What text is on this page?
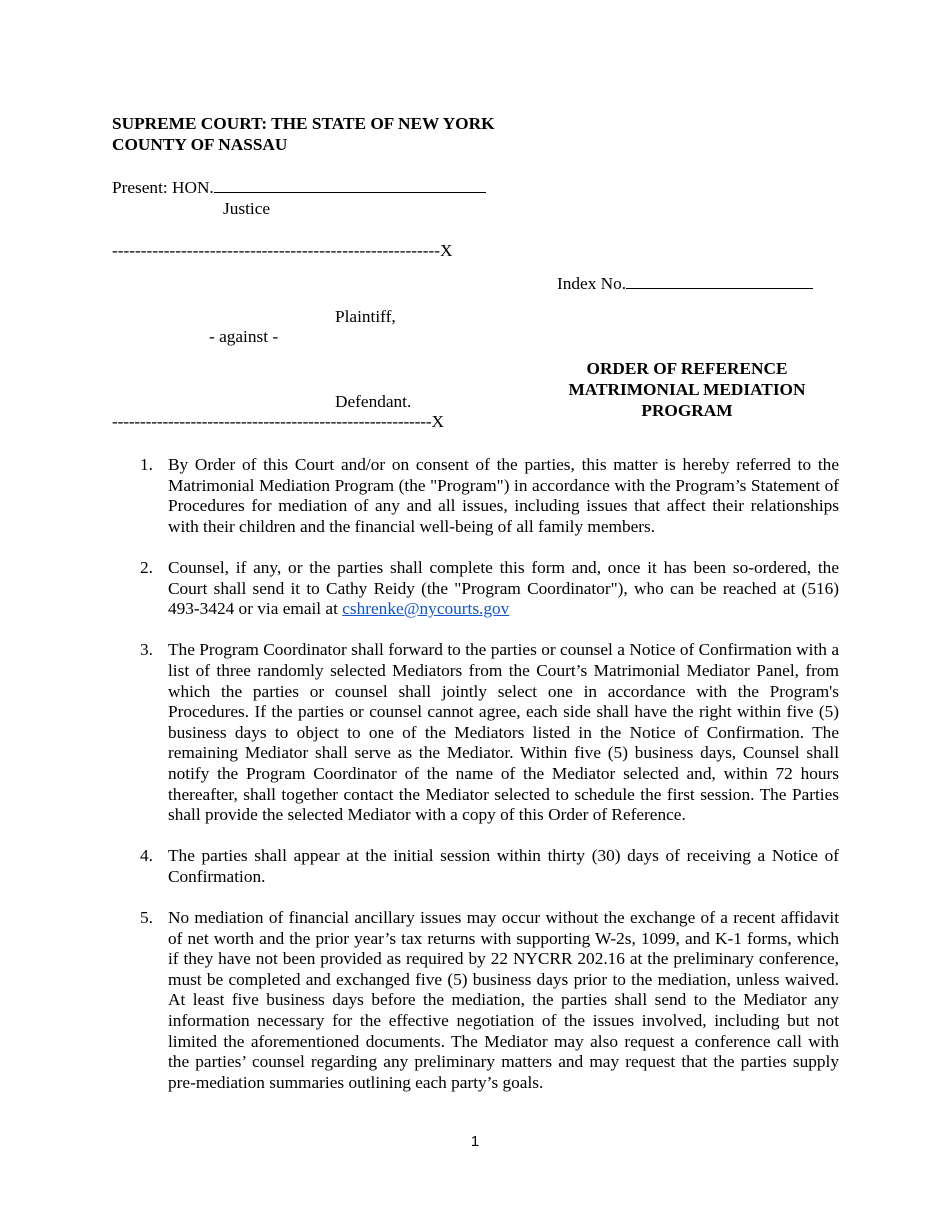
SUPREME COURT: THE STATE OF NEW YORK
COUNTY OF NASSAU
Present: HON.
Justice
---------------------------------------------------------X
Index No.
Plaintiff,
- against -
Defendant.
---------------------------------------------------------X
ORDER OF REFERENCE
MATRIMONIAL MEDIATION
PROGRAM
1. By Order of this Court and/or on consent of the parties, this matter is hereby referred to the Matrimonial Mediation Program (the "Program") in accordance with the Program’s Statement of Procedures for mediation of any and all issues, including issues that affect their relationships with their children and the financial well-being of all family members.
2. Counsel, if any, or the parties shall complete this form and, once it has been so-ordered, the Court shall send it to Cathy Reidy (the "Program Coordinator"), who can be reached at (516) 493-3424 or via email at cshrenke@nycourts.gov
3. The Program Coordinator shall forward to the parties or counsel a Notice of Confirmation with a list of three randomly selected Mediators from the Court’s Matrimonial Mediator Panel, from which the parties or counsel shall jointly select one in accordance with the Program's Procedures. If the parties or counsel cannot agree, each side shall have the right within five (5) business days to object to one of the Mediators listed in the Notice of Confirmation. The remaining Mediator shall serve as the Mediator. Within five (5) business days, Counsel shall notify the Program Coordinator of the name of the Mediator selected and, within 72 hours thereafter, shall together contact the Mediator selected to schedule the first session. The Parties shall provide the selected Mediator with a copy of this Order of Reference.
4. The parties shall appear at the initial session within thirty (30) days of receiving a Notice of Confirmation.
5. No mediation of financial ancillary issues may occur without the exchange of a recent affidavit of net worth and the prior year’s tax returns with supporting W-2s, 1099, and K-1 forms, which if they have not been provided as required by 22 NYCRR 202.16 at the preliminary conference, must be completed and exchanged five (5) business days prior to the mediation, unless waived. At least five business days before the mediation, the parties shall send to the Mediator any information necessary for the effective negotiation of the issues involved, including but not limited the aforementioned documents. The Mediator may also request a conference call with the parties’ counsel regarding any preliminary matters and may request that the parties supply pre-mediation summaries outlining each party’s goals.
1
